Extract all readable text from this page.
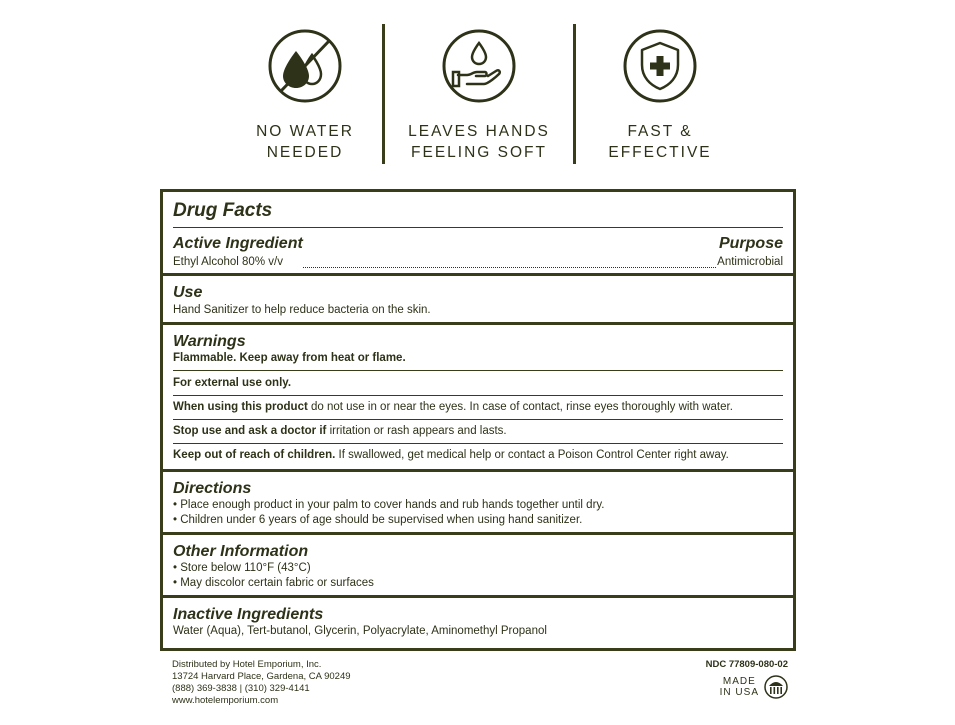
NO WATER
NEEDED
LEAVES HANDS
FEELING SOFT
FAST &
EFFECTIVE
Drug Facts
Active Ingredient	Purpose
Ethyl Alcohol 80% v/v	Antimicrobial
Use
Hand Sanitizer to help reduce bacteria on the skin.
Warnings
Flammable. Keep away from heat or flame.
For external use only.
When using this product do not use in or near the eyes. In case of contact, rinse eyes thoroughly with water.
Stop use and ask a doctor if irritation or rash appears and lasts.
Keep out of reach of children. If swallowed, get medical help or contact a Poison Control Center right away.
Directions
• Place enough product in your palm to cover hands and rub hands together until dry.
• Children under 6 years of age should be supervised when using hand sanitizer.
Other Information
• Store below 110°F (43°C)
• May discolor certain fabric or surfaces
Inactive Ingredients
Water (Aqua), Tert-butanol, Glycerin, Polyacrylate, Aminomethyl Propanol
Distributed by Hotel Emporium, Inc.
13724 Harvard Place, Gardena, CA 90249
(888) 369-3838 | (310) 329-4141
www.hotelemporium.com
NDC 77809-080-02
MADE
IN USA
